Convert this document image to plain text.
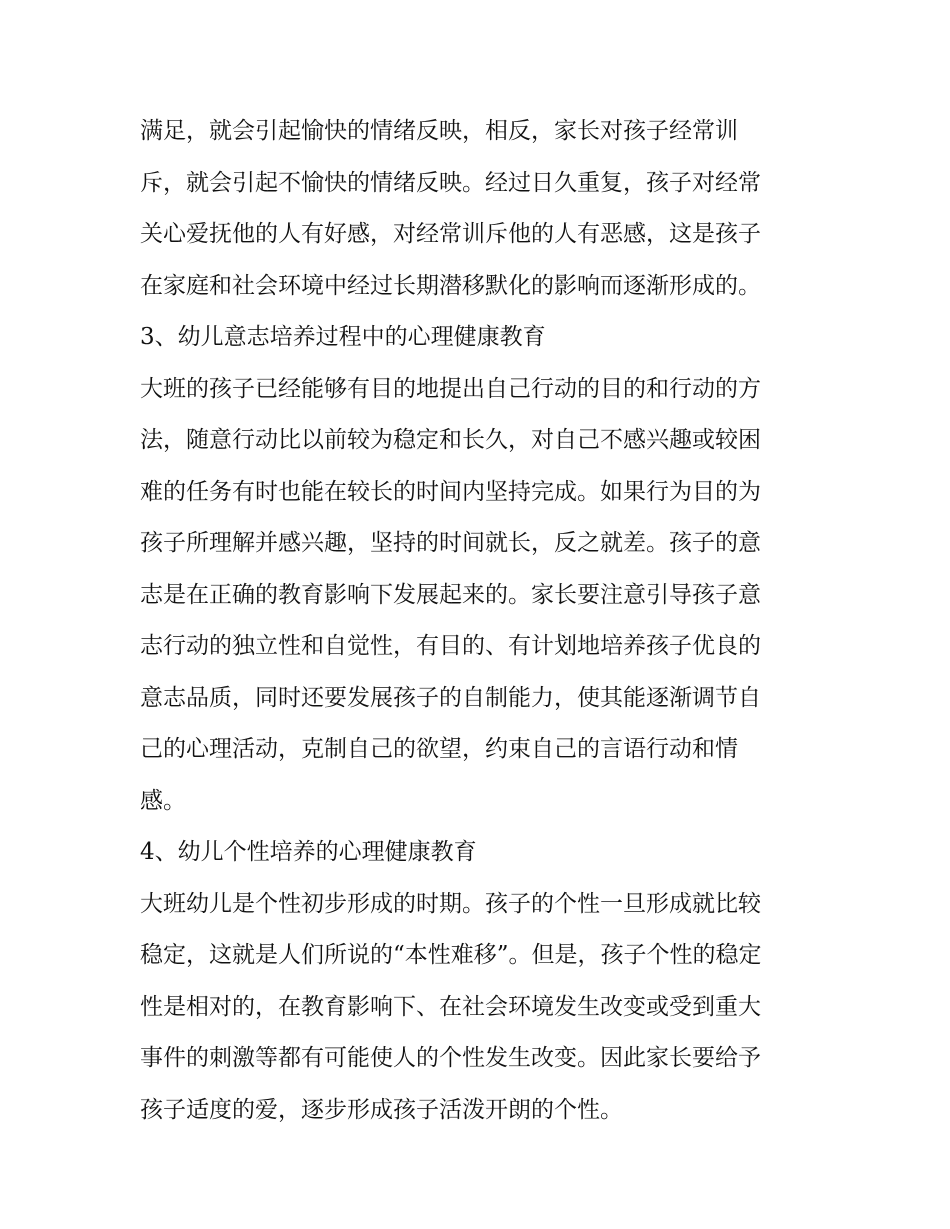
满足，就会引起愉快的情绪反映，相反，家长对孩子经常训
斥，就会引起不愉快的情绪反映。经过日久重复，孩子对经常
关心爱抚他的人有好感，对经常训斥他的人有恶感，这是孩子
在家庭和社会环境中经过长期潜移默化的影响而逐渐形成的。
3、幼儿意志培养过程中的心理健康教育
大班的孩子已经能够有目的地提出自己行动的目的和行动的方
法，随意行动比以前较为稳定和长久，对自己不感兴趣或较困
难的任务有时也能在较长的时间内坚持完成。如果行为目的为
孩子所理解并感兴趣，坚持的时间就长，反之就差。孩子的意
志是在正确的教育影响下发展起来的。家长要注意引导孩子意
志行动的独立性和自觉性，有目的、有计划地培养孩子优良的
意志品质，同时还要发展孩子的自制能力，使其能逐渐调节自
己的心理活动，克制自己的欲望，约束自己的言语行动和情
感。
4、幼儿个性培养的心理健康教育
大班幼儿是个性初步形成的时期。孩子的个性一旦形成就比较
稳定，这就是人们所说的“本性难移”。但是，孩子个性的稳定
性是相对的，在教育影响下、在社会环境发生改变或受到重大
事件的刺激等都有可能使人的个性发生改变。因此家长要给予
孩子适度的爱，逐步形成孩子活泼开朗的个性。
